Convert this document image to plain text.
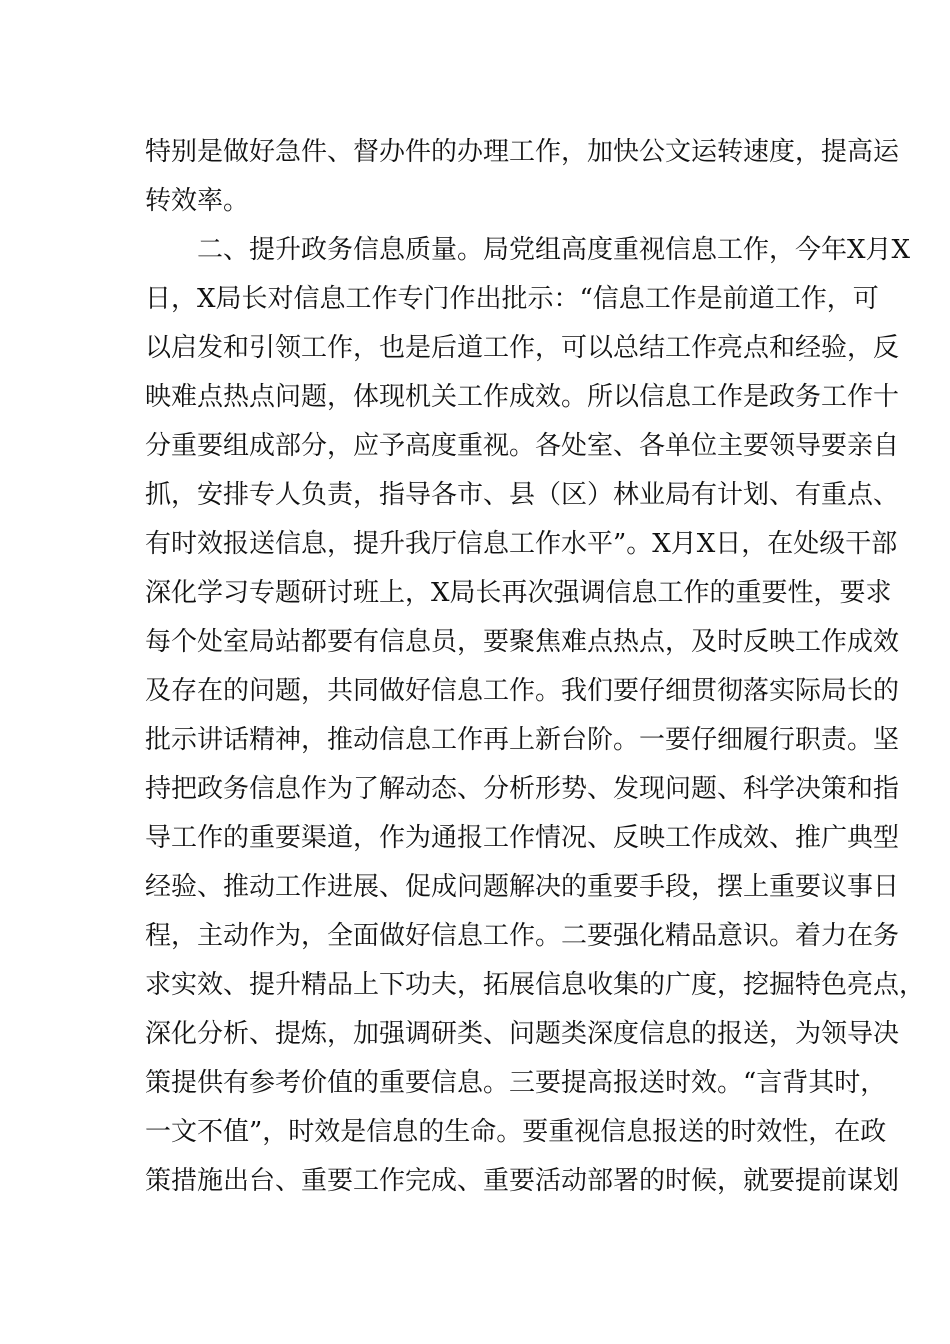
特别是做好急件、督办件的办理工作，加快公文运转速度，提高运
转效率。
　　二、提升政务信息质量。局党组高度重视信息工作，今年X月X
日，X局长对信息工作专门作出批示：“信息工作是前道工作，可
以启发和引领工作，也是后道工作，可以总结工作亮点和经验，反
映难点热点问题，体现机关工作成效。所以信息工作是政务工作十
分重要组成部分，应予高度重视。各处室、各单位主要领导要亲自
抓，安排专人负责，指导各市、县（区）林业局有计划、有重点、
有时效报送信息，提升我厅信息工作水平”。X月X日，在处级干部
深化学习专题研讨班上，X局长再次强调信息工作的重要性，要求
每个处室局站都要有信息员，要聚焦难点热点，及时反映工作成效
及存在的问题，共同做好信息工作。我们要仔细贯彻落实际局长的
批示讲话精神，推动信息工作再上新台阶。一要仔细履行职责。坚
持把政务信息作为了解动态、分析形势、发现问题、科学决策和指
导工作的重要渠道，作为通报工作情况、反映工作成效、推广典型
经验、推动工作进展、促成问题解决的重要手段，摆上重要议事日
程，主动作为，全面做好信息工作。二要强化精品意识。着力在务
求实效、提升精品上下功夫，拓展信息收集的广度，挖掘特色亮点，
深化分析、提炼，加强调研类、问题类深度信息的报送，为领导决
策提供有参考价值的重要信息。三要提高报送时效。“言背其时，
一文不值”，时效是信息的生命。要重视信息报送的时效性，在政
策措施出台、重要工作完成、重要活动部署的时候，就要提前谋划
